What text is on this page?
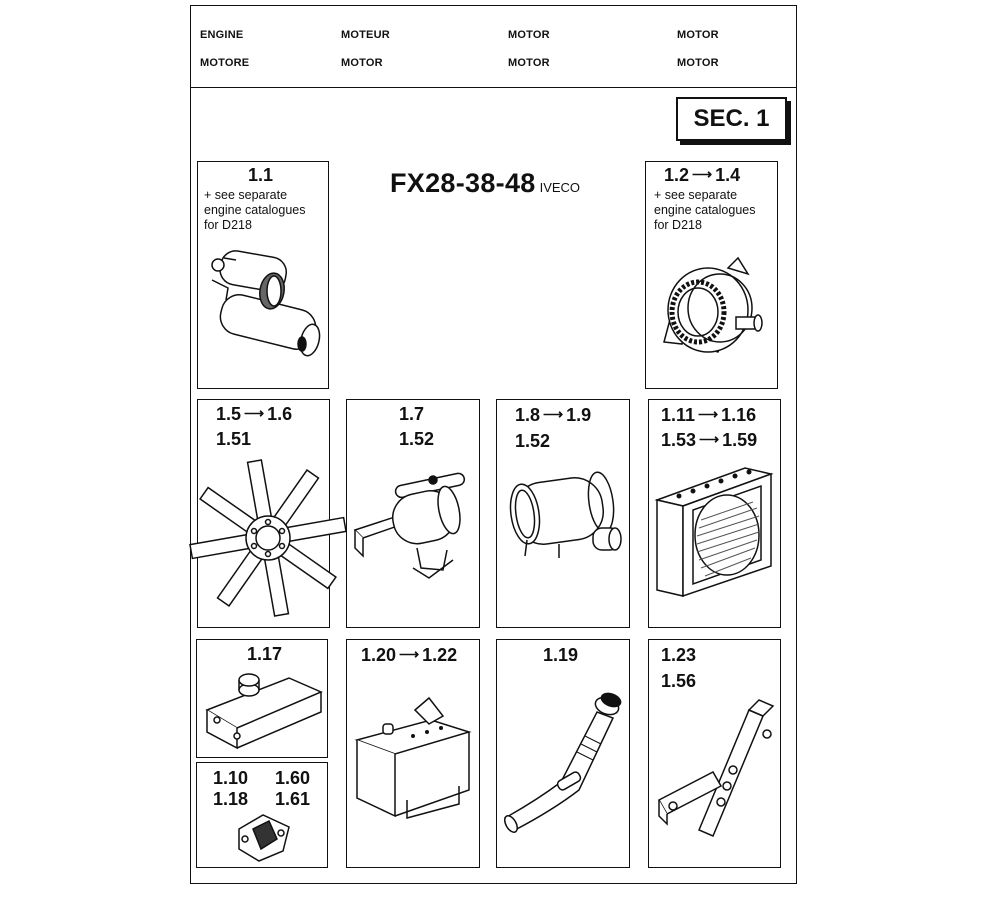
ENGINE	MOTEUR	MOTOR	MOTOR
MOTORE	MOTOR	MOTOR	MOTOR
SEC. 1
FX28-38-48 IVECO
1.1
+ see separate
engine catalogues
for D218
1.2 ⟶ 1.4
+ see separate
engine catalogues
for D218
1.5 ⟶ 1.6
1.51
1.7
1.52
1.8 ⟶ 1.9
1.52
1.11 ⟶ 1.16
1.53 ⟶ 1.59
1.17
1.10 1.60
1.18 1.61
1.20 ⟶ 1.22	1.19	1.23
1.56
